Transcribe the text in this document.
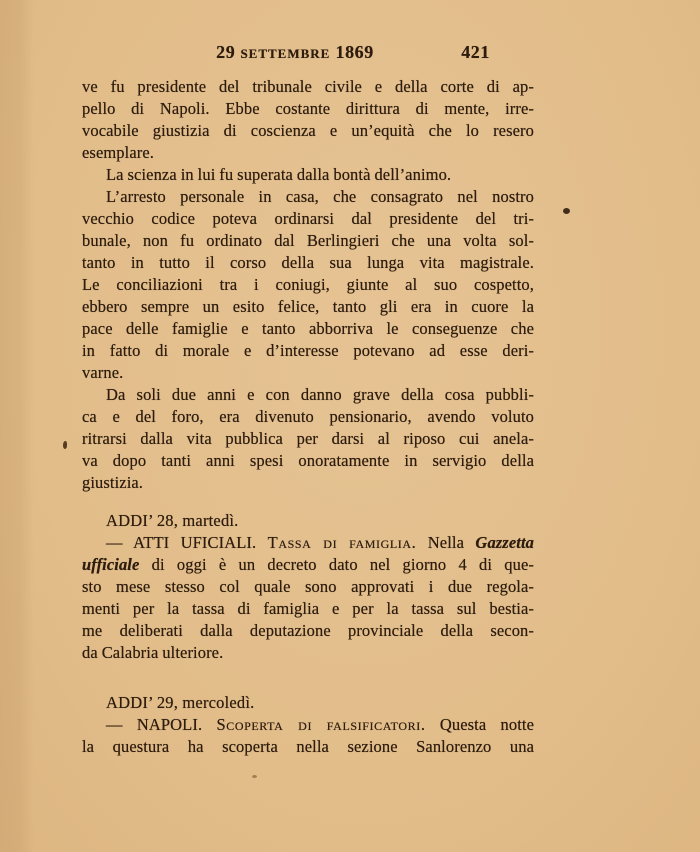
29 settembre 1869	421
ve fu presidente del tribunale civile e della corte di ap-
pello di Napoli. Ebbe costante dirittura di mente, irre-
vocabile giustizia di coscienza e un’equità che lo resero
esemplare.
La scienza in lui fu superata dalla bontà dell’animo.
L’arresto personale in casa, che consagrato nel nostro
vecchio codice poteva ordinarsi dal presidente del tri-
bunale, non fu ordinato dal Berlingieri che una volta sol-
tanto in tutto il corso della sua lunga vita magistrale.
Le conciliazioni tra i coniugi, giunte al suo cospetto,
ebbero sempre un esito felice, tanto gli era in cuore la
pace delle famiglie e tanto abborriva le conseguenze che
in fatto di morale e d’interesse potevano ad esse deri-
varne.
Da soli due anni e con danno grave della cosa pubbli-
ca e del foro, era divenuto pensionario, avendo voluto
ritrarsi dalla vita pubblica per darsi al riposo cui anela-
va dopo tanti anni spesi onoratamente in servigio della
giustizia.
ADDI’ 28, martedì.
— ATTI UFICIALI. Tassa di famiglia. Nella Gazzetta
ufficiale di oggi è un decreto dato nel giorno 4 di que-
sto mese stesso col quale sono approvati i due regola-
menti per la tassa di famiglia e per la tassa sul bestia-
me deliberati dalla deputazione provinciale della secon-
da Calabria ulteriore.
ADDI’ 29, mercoledì.
— NAPOLI. Scoperta di falsificatori. Questa notte
la questura ha scoperta nella sezione Sanlorenzo una
